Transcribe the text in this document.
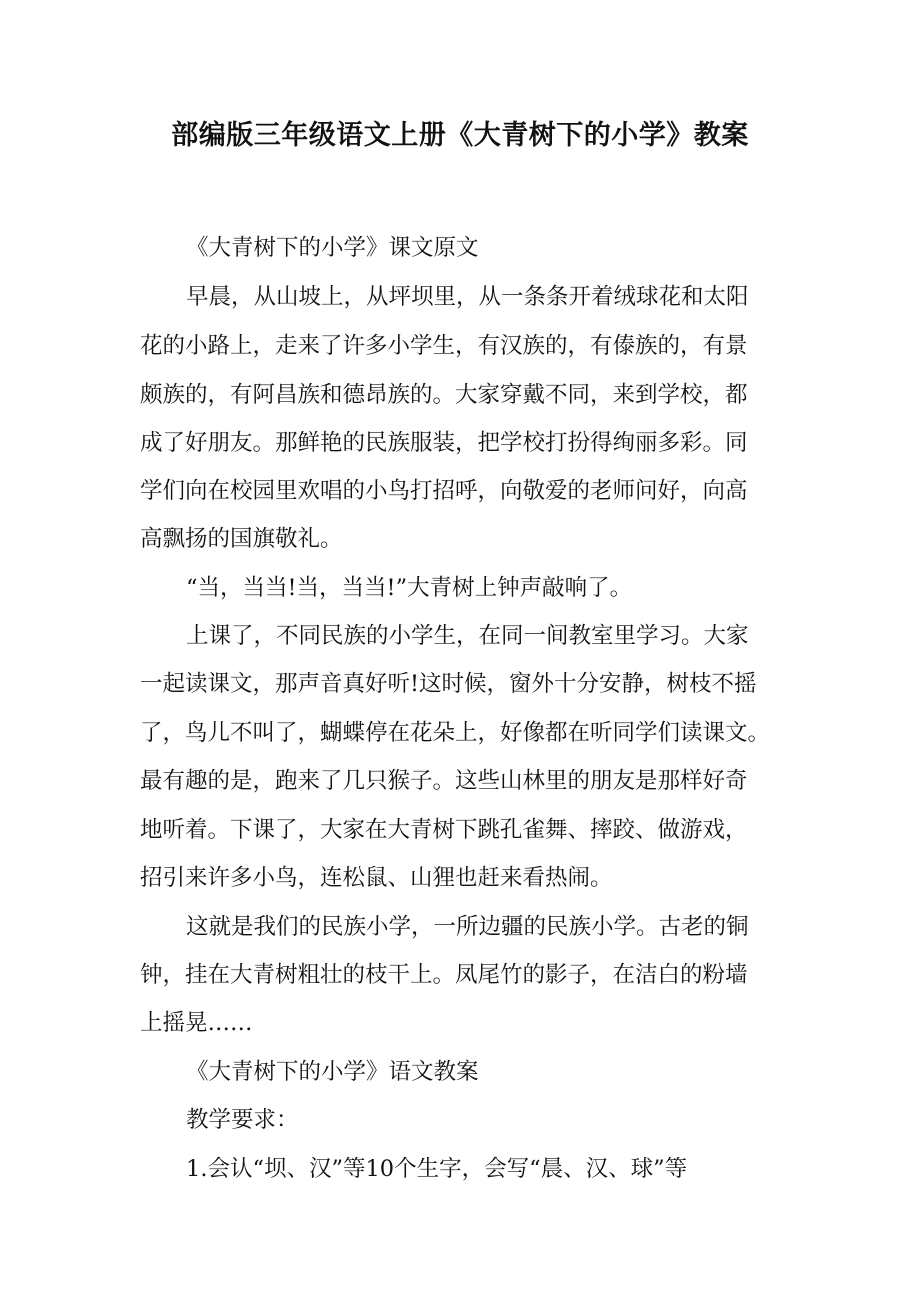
部编版三年级语文上册《大青树下的小学》教案

《大青树下的小学》课文原文

早晨，从山坡上，从坪坝里，从一条条开着绒球花和太阳

花的小路上，走来了许多小学生，有汉族的，有傣族的，有景

颇族的，有阿昌族和德昂族的。大家穿戴不同，来到学校，都

成了好朋友。那鲜艳的民族服装，把学校打扮得绚丽多彩。同

学们向在校园里欢唱的小鸟打招呼，向敬爱的老师问好，向高

高飘扬的国旗敬礼。

“当，当当!当，当当!”大青树上钟声敲响了。

上课了，不同民族的小学生，在同一间教室里学习。大家

一起读课文，那声音真好听!这时候，窗外十分安静，树枝不摇

了，鸟儿不叫了，蝴蝶停在花朵上，好像都在听同学们读课文。

最有趣的是，跑来了几只猴子。这些山林里的朋友是那样好奇

地听着。下课了，大家在大青树下跳孔雀舞、摔跤、做游戏，

招引来许多小鸟，连松鼠、山狸也赶来看热闹。

这就是我们的民族小学，一所边疆的民族小学。古老的铜

钟，挂在大青树粗壮的枝干上。凤尾竹的影子，在洁白的粉墙

上摇晃……

《大青树下的小学》语文教案

教学要求：

1.会认“坝、汉”等10个生字，会写“晨、汉、球”等
